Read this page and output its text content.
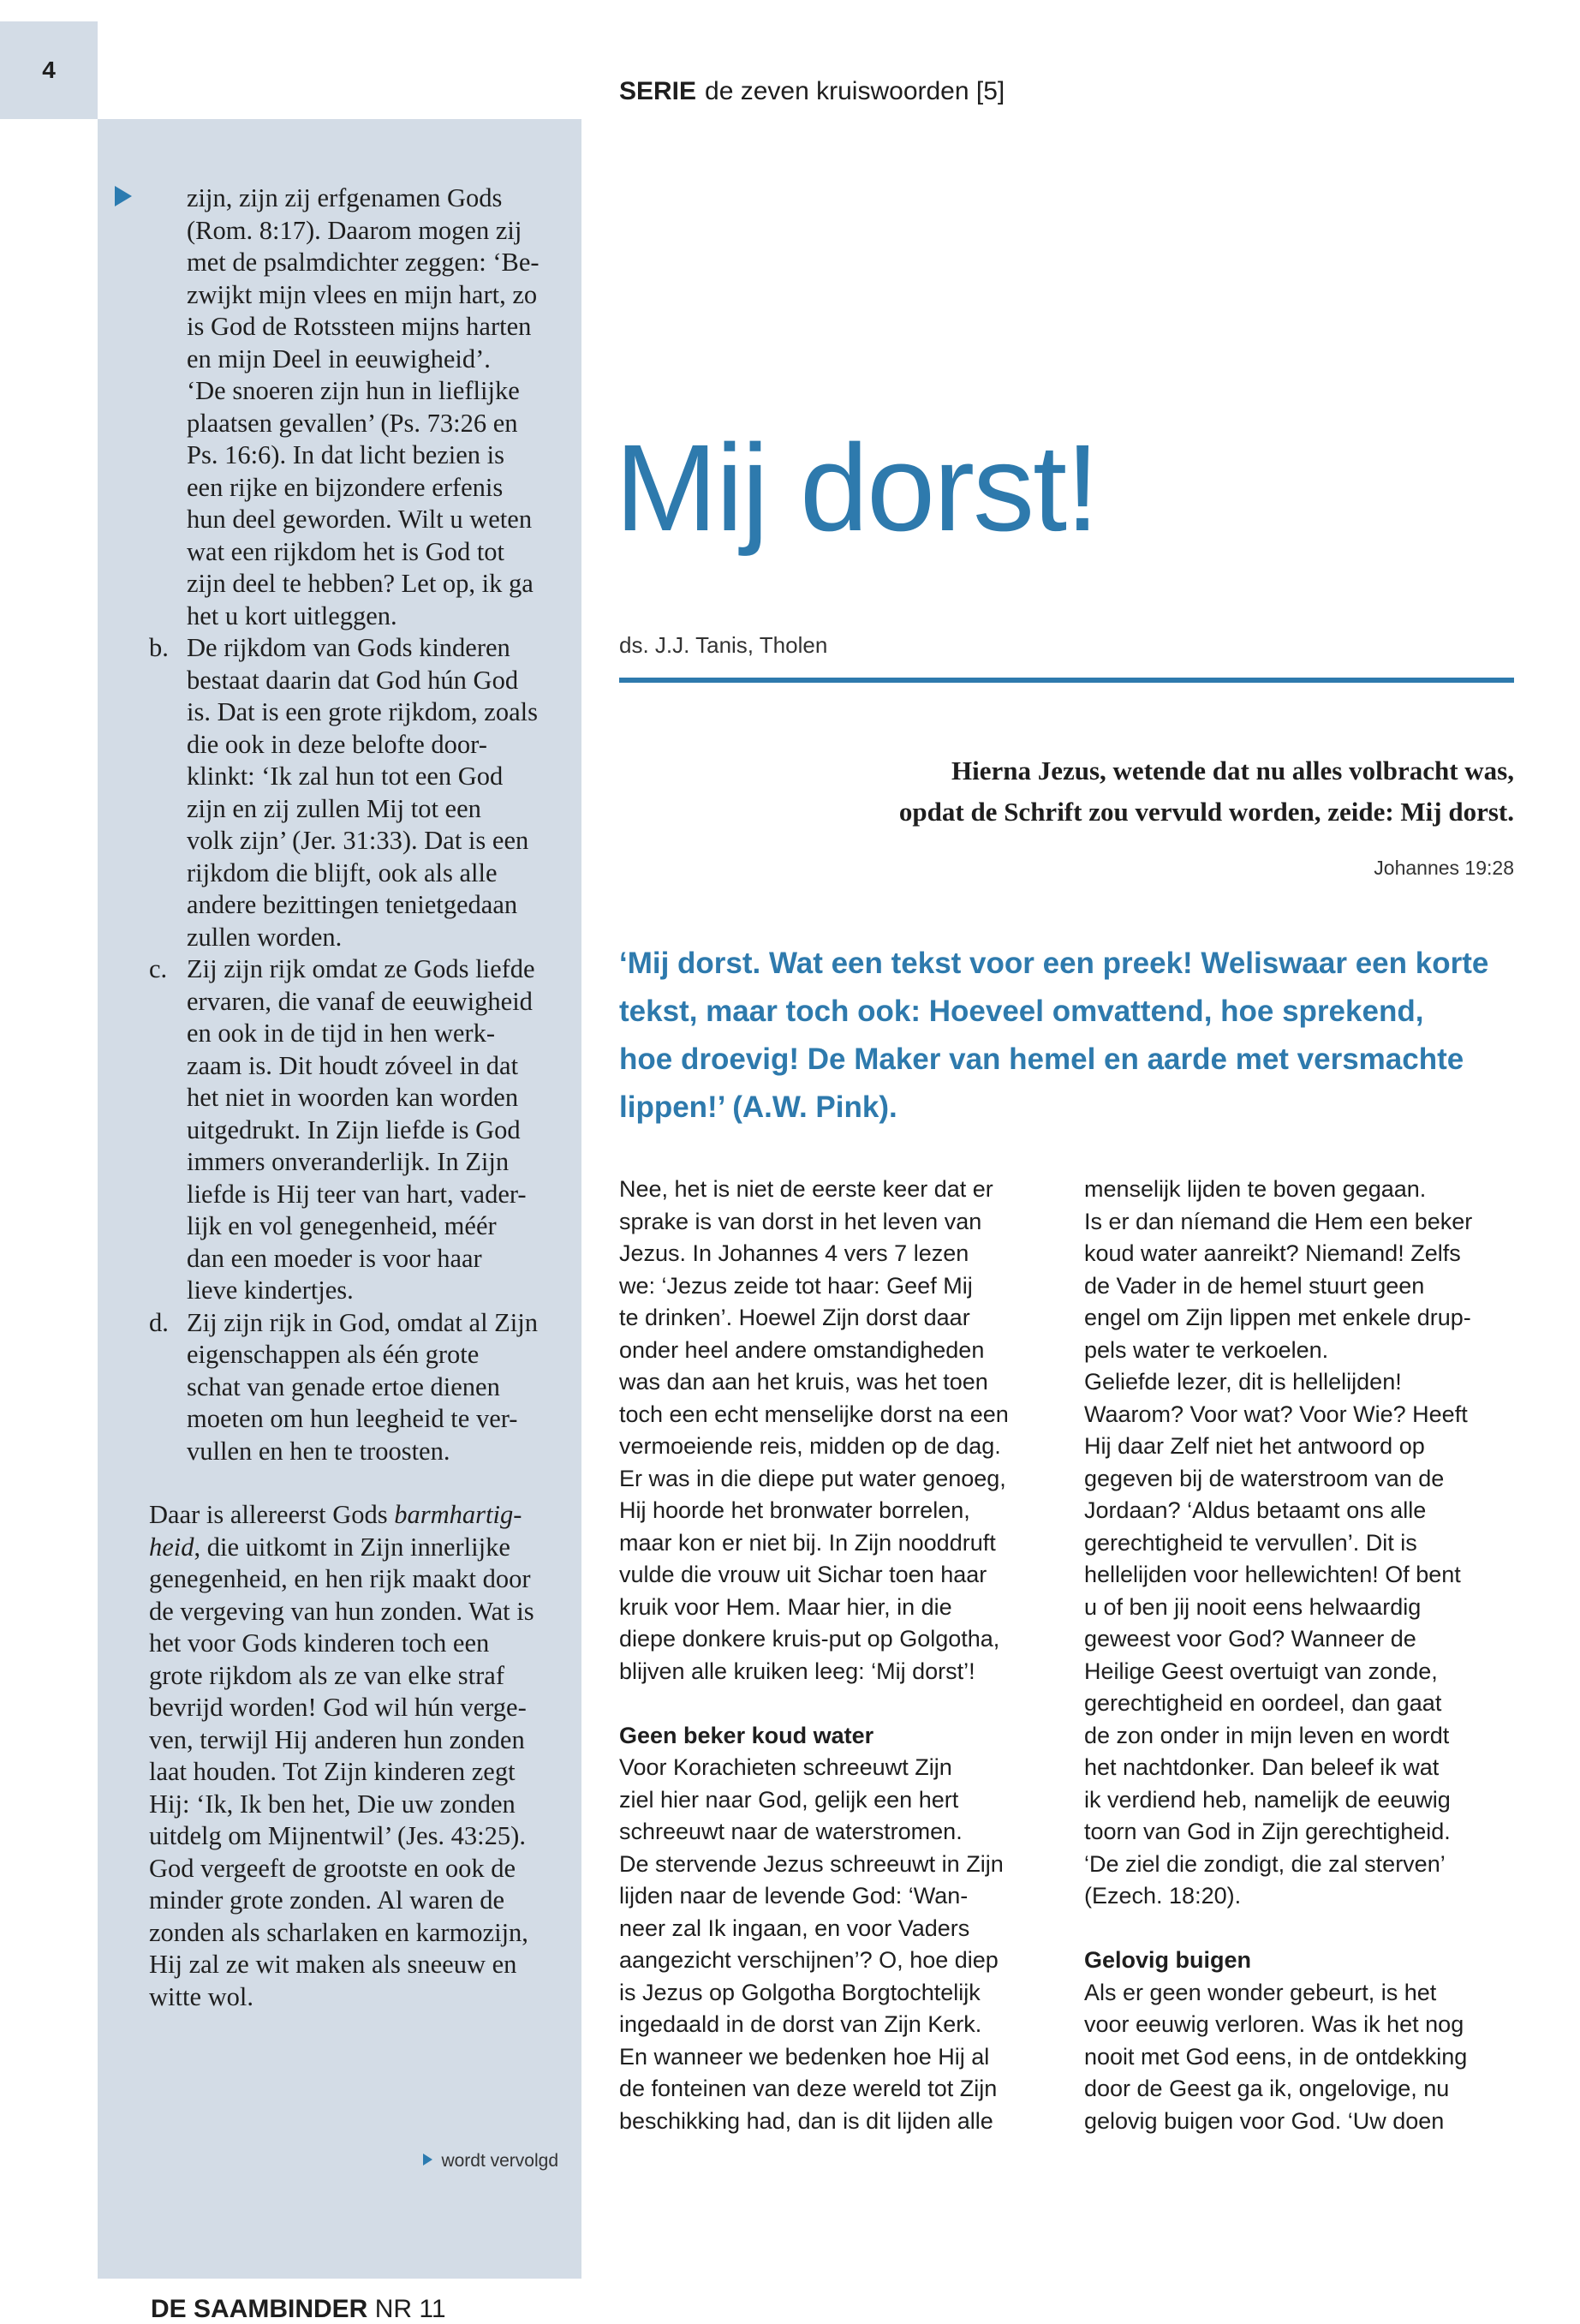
4
SERIE de zeven kruiswoorden [5]
zijn, zijn zij erfgenamen Gods
(Rom. 8:17). Daarom mogen zij
met de psalmdichter zeggen: ‘Be-
zwijkt mijn vlees en mijn hart, zo
is God de Rotssteen mijns harten
en mijn Deel in eeuwigheid’.
‘De snoeren zijn hun in lieflijke
plaatsen gevallen’ (Ps. 73:26 en
Ps. 16:6). In dat licht bezien is
een rijke en bijzondere erfenis
hun deel geworden. Wilt u weten
wat een rijkdom het is God tot
zijn deel te hebben? Let op, ik ga
het u kort uitleggen.
b. De rijkdom van Gods kinderen
bestaat daarin dat God hún God
is. Dat is een grote rijkdom, zoals
die ook in deze belofte door-
klinkt: ‘Ik zal hun tot een God
zijn en zij zullen Mij tot een
volk zijn’ (Jer. 31:33). Dat is een
rijkdom die blijft, ook als alle
andere bezittingen tenietgedaan
zullen worden.
c. Zij zijn rijk omdat ze Gods liefde
ervaren, die vanaf de eeuwigheid
en ook in de tijd in hen werk-
zaam is. Dit houdt zóveel in dat
het niet in woorden kan worden
uitgedrukt. In Zijn liefde is God
immers onveranderlijk. In Zijn
liefde is Hij teer van hart, vader-
lijk en vol genegenheid, méér
dan een moeder is voor haar
lieve kindertjes.
d. Zij zijn rijk in God, omdat al Zijn
eigenschappen als één grote
schat van genade ertoe dienen
moeten om hun leegheid te ver-
vullen en hen te troosten.
Daar is allereerst Gods barmhartig-
heid, die uitkomt in Zijn innerlijke
genegenheid, en hen rijk maakt door
de vergeving van hun zonden. Wat is
het voor Gods kinderen toch een
grote rijkdom als ze van elke straf
bevrijd worden! God wil hún verge-
ven, terwijl Hij anderen hun zonden
laat houden. Tot Zijn kinderen zegt
Hij: ‘Ik, Ik ben het, Die uw zonden
uitdelg om Mijnentwil’ (Jes. 43:25).
God vergeeft de grootste en ook de
minder grote zonden. Al waren de
zonden als scharlaken en karmozijn,
Hij zal ze wit maken als sneeuw en
witte wol.
wordt vervolgd
DE SAAMBINDER NR 11
Mij dorst!
ds. J.J. Tanis, Tholen
Hierna Jezus, wetende dat nu alles volbracht was,
opdat de Schrift zou vervuld worden, zeide: Mij dorst.
Johannes 19:28
‘Mij dorst. Wat een tekst voor een preek! Weliswaar een korte
tekst, maar toch ook: Hoeveel omvattend, hoe sprekend,
hoe droevig! De Maker van hemel en aarde met versmachte
lippen!’ (A.W. Pink).
Nee, het is niet de eerste keer dat er
sprake is van dorst in het leven van
Jezus. In Johannes 4 vers 7 lezen
we: ‘Jezus zeide tot haar: Geef Mij
te drinken’. Hoewel Zijn dorst daar
onder heel andere omstandigheden
was dan aan het kruis, was het toen
toch een echt menselijke dorst na een
vermoeiende reis, midden op de dag.
Er was in die diepe put water genoeg,
Hij hoorde het bronwater borrelen,
maar kon er niet bij. In Zijn nooddruft
vulde die vrouw uit Sichar toen haar
kruik voor Hem. Maar hier, in die
diepe donkere kruis-put op Golgotha,
blijven alle kruiken leeg: ‘Mij dorst’!
Geen beker koud water
Voor Korachieten schreeuwt Zijn
ziel hier naar God, gelijk een hert
schreeuwt naar de waterstromen.
De stervende Jezus schreeuwt in Zijn
lijden naar de levende God: ‘Wan-
neer zal Ik ingaan, en voor Vaders
aangezicht verschijnen’? O, hoe diep
is Jezus op Golgotha Borgtochtelijk
ingedaald in de dorst van Zijn Kerk.
En wanneer we bedenken hoe Hij al
de fonteinen van deze wereld tot Zijn
beschikking had, dan is dit lijden alle
menselijk lijden te boven gegaan.
Is er dan níemand die Hem een beker
koud water aanreikt? Niemand! Zelfs
de Vader in de hemel stuurt geen
engel om Zijn lippen met enkele drup-
pels water te verkoelen.
Geliefde lezer, dit is hellelijden!
Waarom? Voor wat? Voor Wie? Heeft
Hij daar Zelf niet het antwoord op
gegeven bij de waterstroom van de
Jordaan? ‘Aldus betaamt ons alle
gerechtigheid te vervullen’. Dit is
hellelijden voor hellewichten! Of bent
u of ben jij nooit eens helwaardig
geweest voor God? Wanneer de
Heilige Geest overtuigt van zonde,
gerechtigheid en oordeel, dan gaat
de zon onder in mijn leven en wordt
het nachtdonker. Dan beleef ik wat
ik verdiend heb, namelijk de eeuwig
toorn van God in Zijn gerechtigheid.
‘De ziel die zondigt, die zal sterven’
(Ezech. 18:20).
Gelovig buigen
Als er geen wonder gebeurt, is het
voor eeuwig verloren. Was ik het nog
nooit met God eens, in de ontdekking
door de Geest ga ik, ongelovige, nu
gelovig buigen voor God. ‘Uw doen
